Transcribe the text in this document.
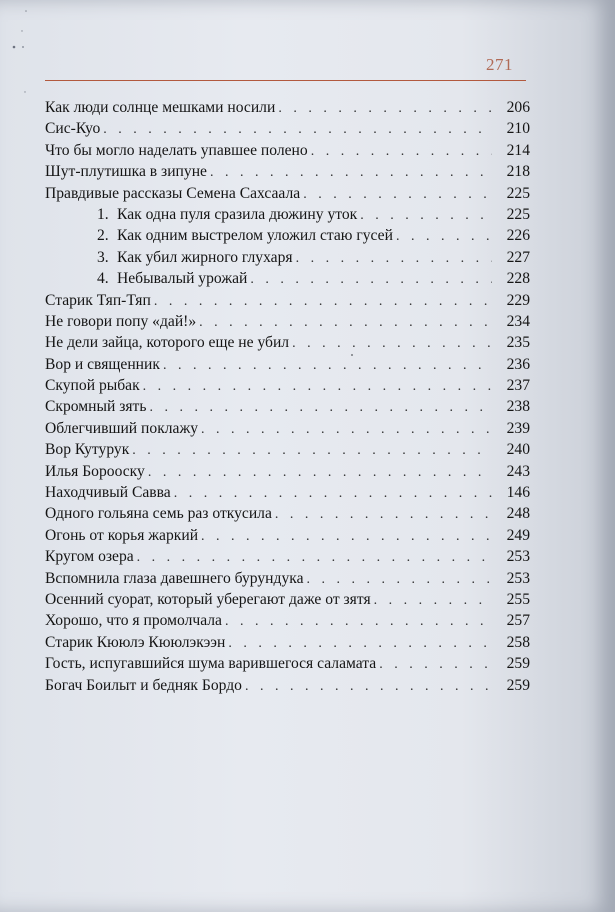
271
Как люди солнце мешками носили . . .	206
Сис-Куо . . .	210
Что бы могло наделать упавшее полено . . .	214
Шут-плутишка в зипуне . . .	218
Правдивые рассказы Семена Сахсаала . . .	225
1. Как одна пуля сразила дюжину уток . . .	225
2. Как одним выстрелом уложил стаю гусей . . .	226
3. Как убил жирного глухаря . . .	227
4. Небывалый урожай . . .	228
Старик Тяп-Тяп . . .	229
Не говори попу «дай!» . . .	234
Не дели зайца, которого еще не убил . . .	235
Вор и священник . . .	236
Скупой рыбак . . .	237
Скромный зять . . .	238
Облегчивший поклажу . . .	239
Вор Кутурук . . .	240
Илья Борооску . . .	243
Находчивый Савва . . .	146
Одного гольяна семь раз откусила . . .	248
Огонь от корья жаркий . . .	249
Кругом озера . . .	253
Вспомнила глаза давешнего бурундука . . .	253
Осенний суорат, который уберегают даже от зятя . . .	255
Хорошо, что я промолчала . . .	257
Старик Кююлэ Кююлэкээн . . .	258
Гость, испугавшийся шума варившегося саламата . . .	259
Богач Боилыт и бедняк Бордо . . .	259
